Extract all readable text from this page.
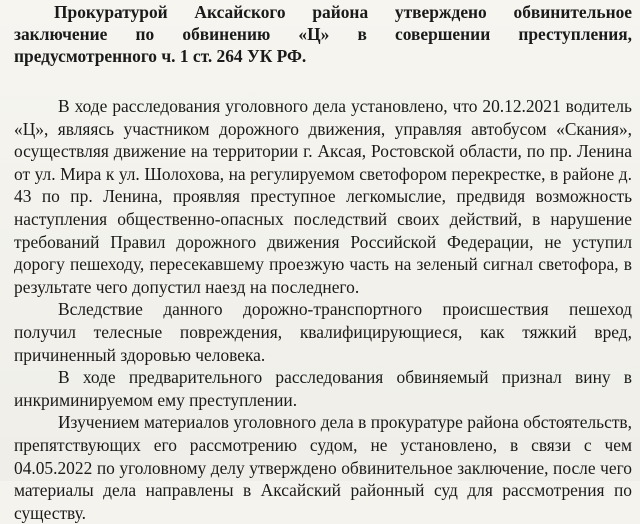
Прокуратурой Аксайского района утверждено обвинительное заключение по обвинению «Ц» в совершении преступления, предусмотренного ч. 1 ст. 264 УК РФ.

В ходе расследования уголовного дела установлено, что 20.12.2021 водитель «Ц», являясь участником дорожного движения, управляя автобусом «Скания», осуществляя движение на территории г. Аксая, Ростовской области, по пр. Ленина от ул. Мира к ул. Шолохова, на регулируемом светофором перекрестке, в районе д. 43 по пр. Ленина, проявляя преступное легкомыслие, предвидя возможность наступления общественно-опасных последствий своих действий, в нарушение требований Правил дорожного движения Российской Федерации, не уступил дорогу пешеходу, пересекавшему проезжую часть на зеленый сигнал светофора, в результате чего допустил наезд на последнего.

Вследствие данного дорожно-транспортного происшествия пешеход получил телесные повреждения, квалифицирующиеся, как тяжкий вред, причиненный здоровью человека.

В ходе предварительного расследования обвиняемый признал вину в инкриминируемом ему преступлении.

Изучением материалов уголовного дела в прокуратуре района обстоятельств, препятствующих его рассмотрению судом, не установлено, в связи с чем 04.05.2022 по уголовному делу утверждено обвинительное заключение, после чего материалы дела направлены в Аксайский районный суд для рассмотрения по существу.
